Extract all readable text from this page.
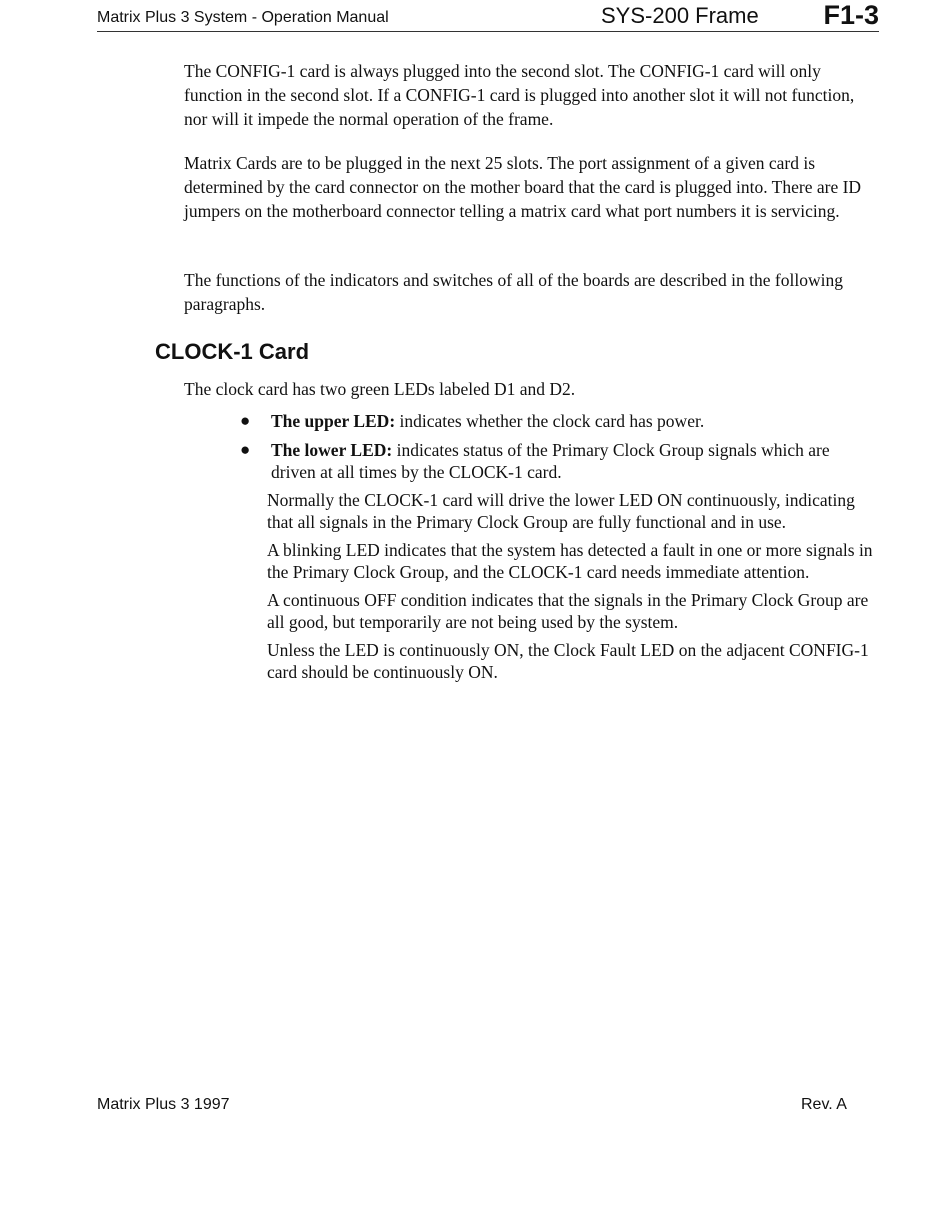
Matrix Plus 3 System - Operation Manual	SYS-200 Frame F1-3

The CONFIG-1 card is always plugged into the second slot. The CONFIG-1 card will only function in the second slot. If a CONFIG-1 card is plugged into another slot it will not function, nor will it impede the normal operation of the frame.

Matrix Cards are to be plugged in the next 25 slots. The port assignment of a given card is determined by the card connector on the mother board that the card is plugged into. There are ID jumpers on the motherboard connector telling a matrix card what port numbers it is servicing.

The functions of the indicators and switches of all of the boards are described in the following paragraphs.

CLOCK-1 Card

The clock card has two green LEDs labeled D1 and D2.

● The upper LED: indicates whether the clock card has power.
● The lower LED: indicates status of the Primary Clock Group signals which are driven at all times by the CLOCK-1 card.

Normally the CLOCK-1 card will drive the lower LED ON continuously, indicating that all signals in the Primary Clock Group are fully functional and in use.

A blinking LED indicates that the system has detected a fault in one or more signals in the Primary Clock Group, and the CLOCK-1 card needs immediate attention.

A continuous OFF condition indicates that the signals in the Primary Clock Group are all good, but temporarily are not being used by the system.

Unless the LED is continuously ON, the Clock Fault LED on the adjacent CONFIG-1 card should be continuously ON.

Matrix Plus 3 1997	Rev. A
